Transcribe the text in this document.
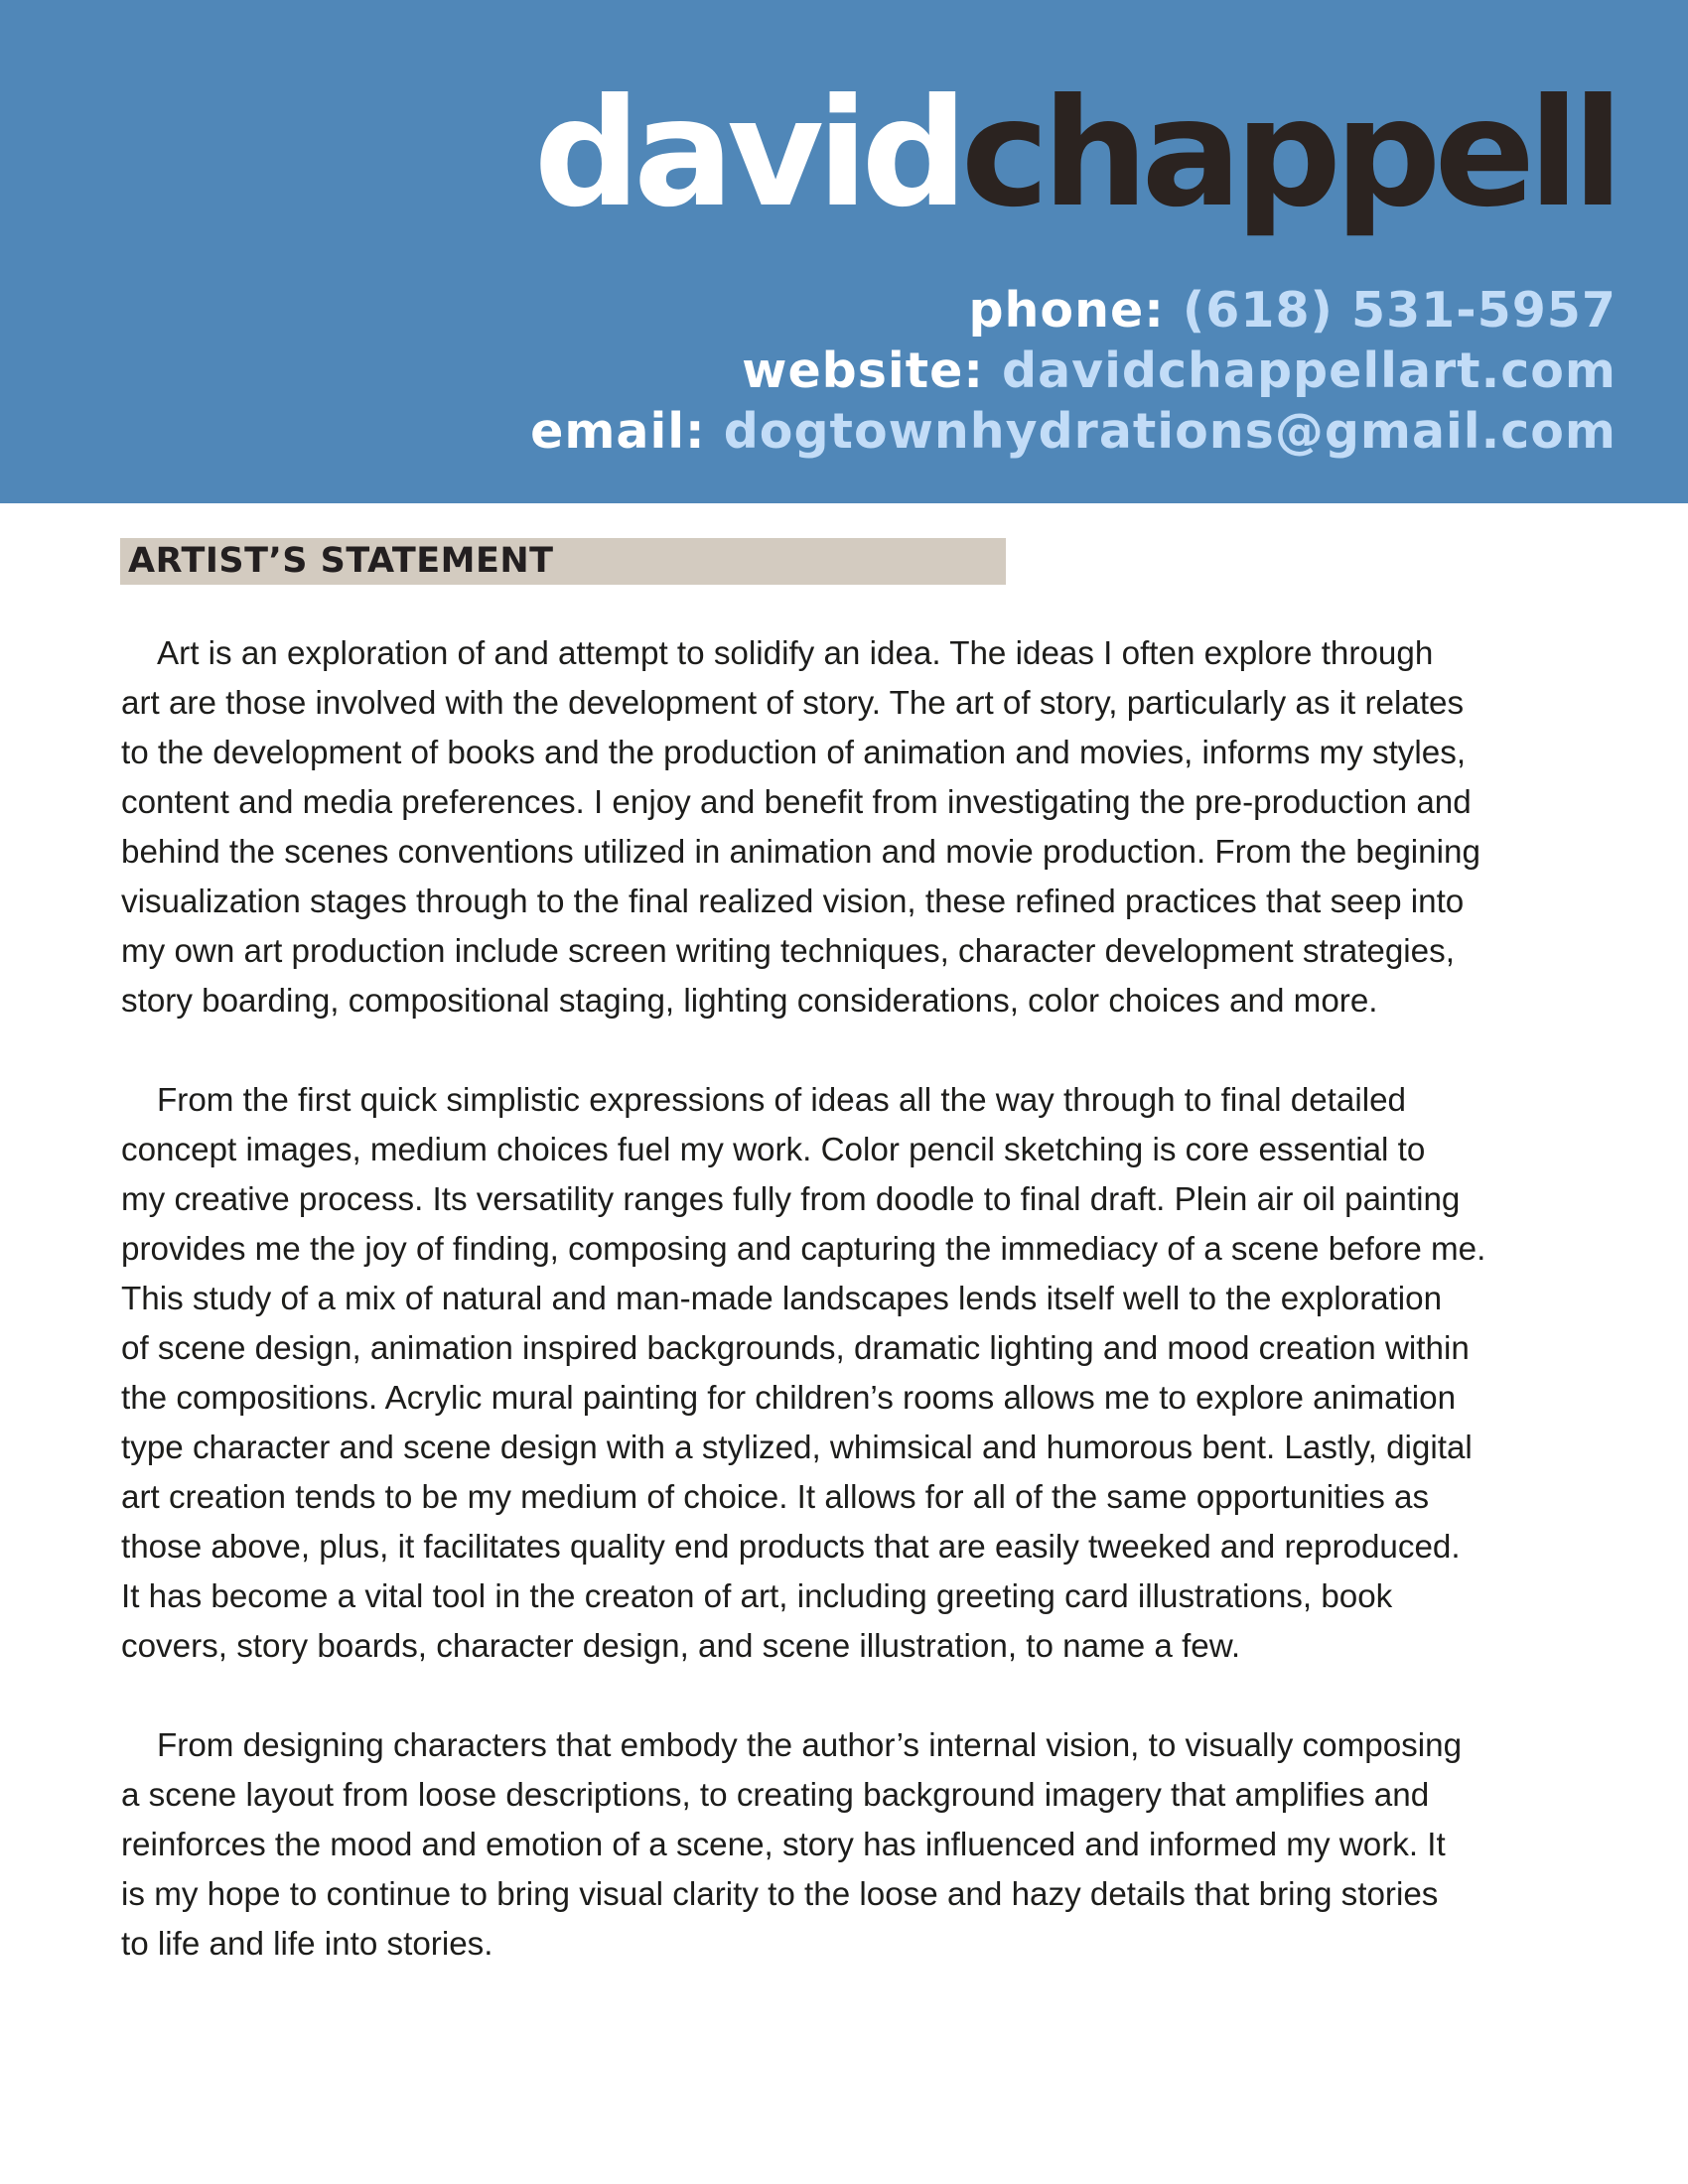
davidchappell
phone: (618) 531-5957
website: davidchappellart.com
email: dogtownhydrations@gmail.com
ARTIST’S STATEMENT
Art is an exploration of and attempt to solidify an idea. The ideas I often explore through
art are those involved with the development of story. The art of story, particularly as it relates
to the development of books and the production of animation and movies, informs my styles,
content and media preferences. I enjoy and benefit from investigating the pre-production and
behind the scenes conventions utilized in animation and movie production. From the begining
visualization stages through to the final realized vision, these refined practices that seep into
my own art production include screen writing techniques, character development strategies,
story boarding, compositional staging, lighting considerations, color choices and more.
From the first quick simplistic expressions of ideas all the way through to final detailed
concept images, medium choices fuel my work. Color pencil sketching is core essential to
my creative process. Its versatility ranges fully from doodle to final draft. Plein air oil painting
provides me the joy of finding, composing and capturing the immediacy of a scene before me.
This study of a mix of natural and man-made landscapes lends itself well to the exploration
of scene design, animation inspired backgrounds, dramatic lighting and mood creation within
the compositions. Acrylic mural painting for children’s rooms allows me to explore animation
type character and scene design with a stylized, whimsical and humorous bent. Lastly, digital
art creation tends to be my medium of choice. It allows for all of the same opportunities as
those above, plus, it facilitates quality end products that are easily tweeked and reproduced.
It has become a vital tool in the creaton of art, including greeting card illustrations, book
covers, story boards, character design, and scene illustration, to name a few.
From designing characters that embody the author’s internal vision, to visually composing
a scene layout from loose descriptions, to creating background imagery that amplifies and
reinforces the mood and emotion of a scene, story has influenced and informed my work. It
is my hope to continue to bring visual clarity to the loose and hazy details that bring stories
to life and life into stories.
